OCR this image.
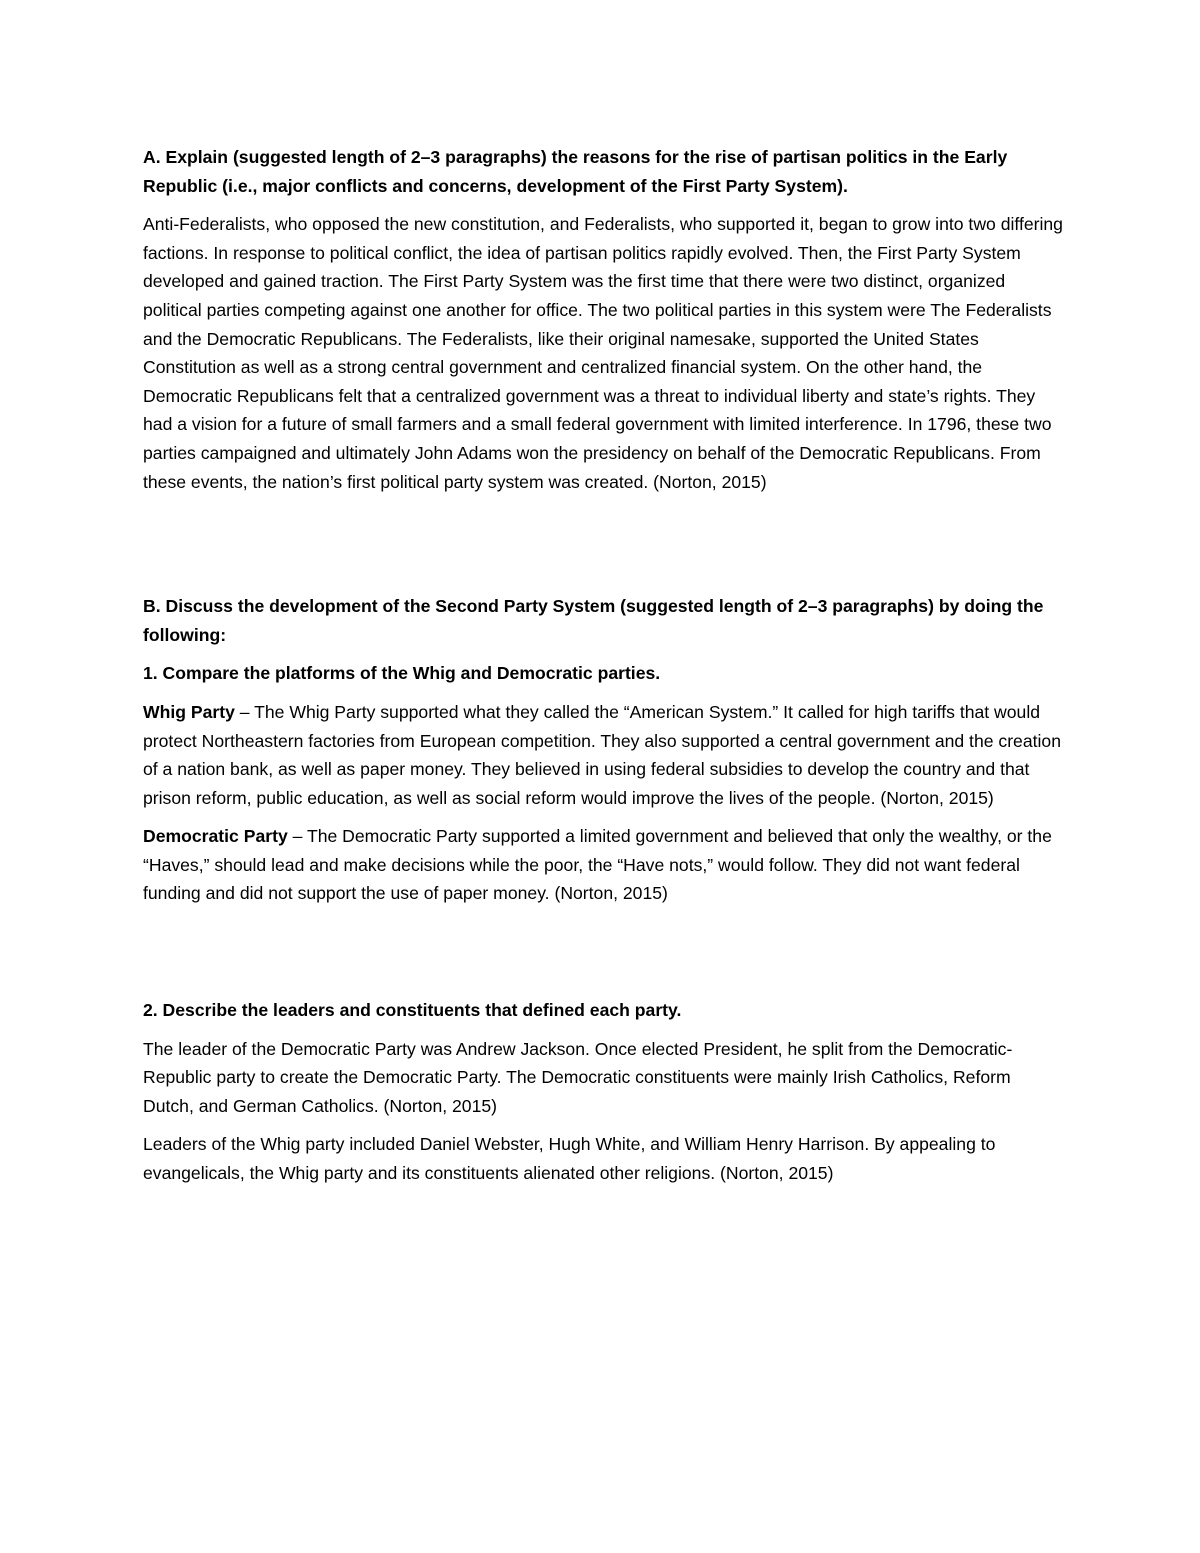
A. Explain (suggested length of 2–3 paragraphs) the reasons for the rise of partisan politics in the Early Republic (i.e., major conflicts and concerns, development of the First Party System).

Anti-Federalists, who opposed the new constitution, and Federalists, who supported it, began to grow into two differing factions. In response to political conflict, the idea of partisan politics rapidly evolved. Then, the First Party System developed and gained traction. The First Party System was the first time that there were two distinct, organized political parties competing against one another for office. The two political parties in this system were The Federalists and the Democratic Republicans. The Federalists, like their original namesake, supported the United States Constitution as well as a strong central government and centralized financial system. On the other hand, the Democratic Republicans felt that a centralized government was a threat to individual liberty and state’s rights. They had a vision for a future of small farmers and a small federal government with limited interference. In 1796, these two parties campaigned and ultimately John Adams won the presidency on behalf of the Democratic Republicans. From these events, the nation’s first political party system was created. (Norton, 2015)

B. Discuss the development of the Second Party System (suggested length of 2–3 paragraphs) by doing the following:

1. Compare the platforms of the Whig and Democratic parties.

Whig Party – The Whig Party supported what they called the “American System.” It called for high tariffs that would protect Northeastern factories from European competition. They also supported a central government and the creation of a nation bank, as well as paper money. They believed in using federal subsidies to develop the country and that prison reform, public education, as well as social reform would improve the lives of the people. (Norton, 2015)

Democratic Party – The Democratic Party supported a limited government and believed that only the wealthy, or the “Haves,” should lead and make decisions while the poor, the “Have nots,” would follow. They did not want federal funding and did not support the use of paper money. (Norton, 2015)

2. Describe the leaders and constituents that defined each party.

The leader of the Democratic Party was Andrew Jackson. Once elected President, he split from the Democratic-Republic party to create the Democratic Party. The Democratic constituents were mainly Irish Catholics, Reform Dutch, and German Catholics. (Norton, 2015)

Leaders of the Whig party included Daniel Webster, Hugh White, and William Henry Harrison. By appealing to evangelicals, the Whig party and its constituents alienated other religions. (Norton, 2015)
